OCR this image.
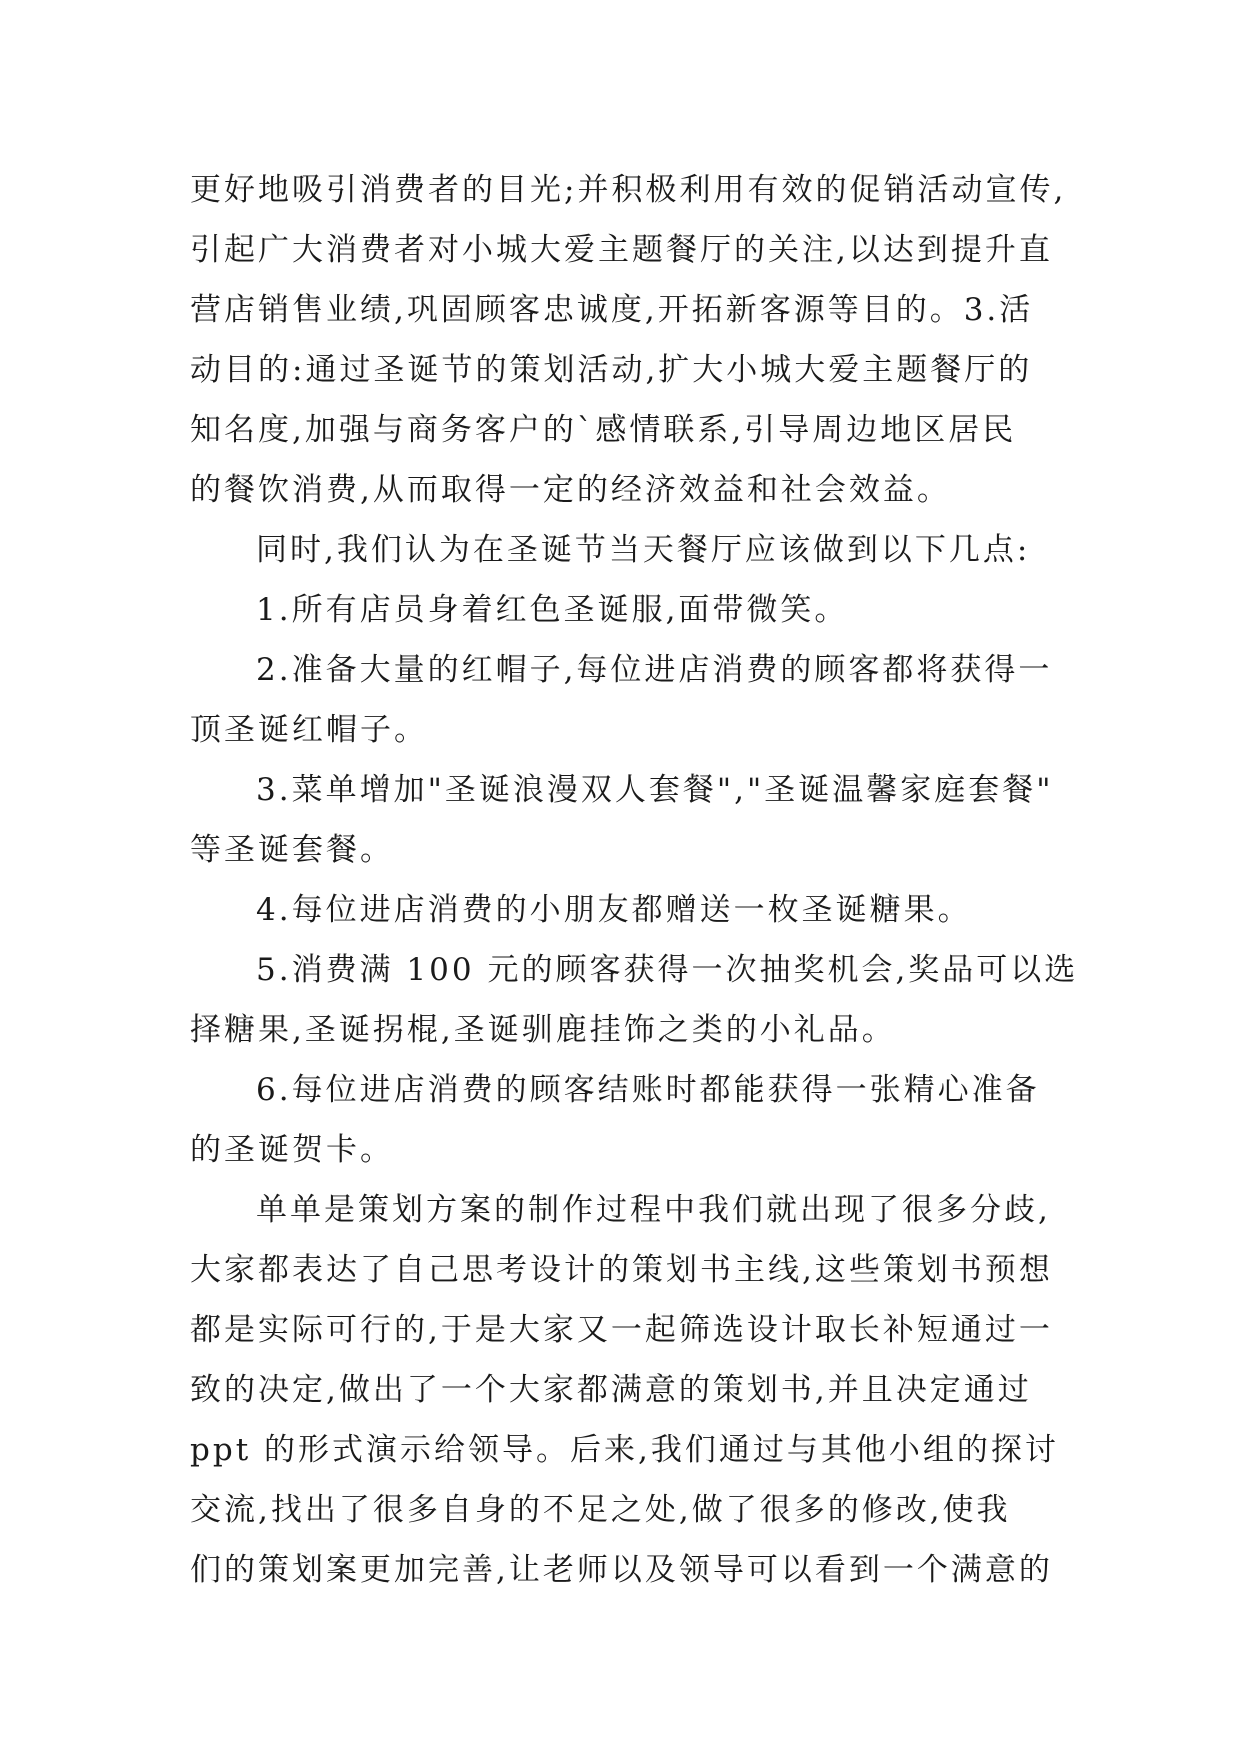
更好地吸引消费者的目光;并积极利用有效的促销活动宣传,
引起广大消费者对小城大爱主题餐厅的关注,以达到提升直
营店销售业绩,巩固顾客忠诚度,开拓新客源等目的。3.活
动目的:通过圣诞节的策划活动,扩大小城大爱主题餐厅的
知名度,加强与商务客户的`感情联系,引导周边地区居民
的餐饮消费,从而取得一定的经济效益和社会效益。
同时,我们认为在圣诞节当天餐厅应该做到以下几点:
1.所有店员身着红色圣诞服,面带微笑。
2.准备大量的红帽子,每位进店消费的顾客都将获得一
顶圣诞红帽子。
3.菜单增加"圣诞浪漫双人套餐","圣诞温馨家庭套餐"
等圣诞套餐。
4.每位进店消费的小朋友都赠送一枚圣诞糖果。
5.消费满 100 元的顾客获得一次抽奖机会,奖品可以选
择糖果,圣诞拐棍,圣诞驯鹿挂饰之类的小礼品。
6.每位进店消费的顾客结账时都能获得一张精心准备
的圣诞贺卡。
单单是策划方案的制作过程中我们就出现了很多分歧,
大家都表达了自己思考设计的策划书主线,这些策划书预想
都是实际可行的,于是大家又一起筛选设计取长补短通过一
致的决定,做出了一个大家都满意的策划书,并且决定通过
ppt 的形式演示给领导。后来,我们通过与其他小组的探讨
交流,找出了很多自身的不足之处,做了很多的修改,使我
们的策划案更加完善,让老师以及领导可以看到一个满意的
